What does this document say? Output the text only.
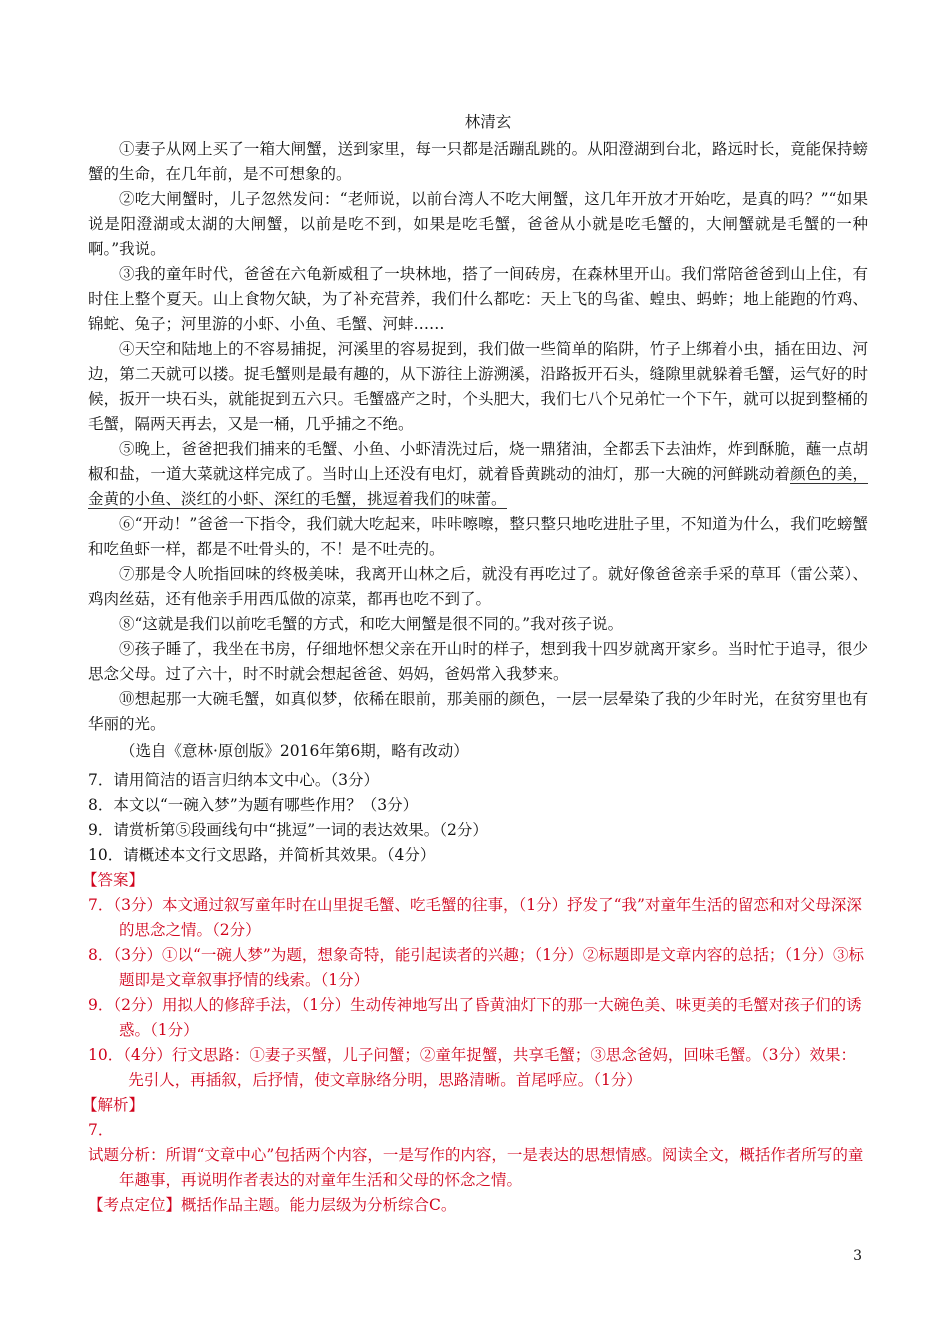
林清玄

①妻子从网上买了一箱大闸蟹，送到家里，每一只都是活蹦乱跳的。从阳澄湖到台北，路远时长，竟能保持螃蟹的生命，在几年前，是不可想象的。

②吃大闸蟹时，儿子忽然发问：“老师说，以前台湾人不吃大闸蟹，这几年开放才开始吃，是真的吗？”“如果说是阳澄湖或太湖的大闸蟹，以前是吃不到，如果是吃毛蟹，爸爸从小就是吃毛蟹的，大闸蟹就是毛蟹的一种啊。”我说。

③我的童年时代，爸爸在六龟新威租了一块林地，搭了一间砖房，在森林里开山。我们常陪爸爸到山上住，有时住上整个夏天。山上食物欠缺，为了补充营养，我们什么都吃：天上飞的鸟雀、蝗虫、蚂蚱；地上能跑的竹鸡、锦蛇、兔子；河里游的小虾、小鱼、毛蟹、河蚌……

④天空和陆地上的不容易捕捉，河溪里的容易捉到，我们做一些简单的陷阱，竹子上绑着小虫，插在田边、河边，第二天就可以搂。捉毛蟹则是最有趣的，从下游往上游溯溪，沿路扳开石头，缝隙里就躲着毛蟹，运气好的时候，扳开一块石头，就能捉到五六只。毛蟹盛产之时，个头肥大，我们七八个兄弟忙一个下午，就可以捉到整桶的毛蟹，隔两天再去，又是一桶，几乎捕之不绝。

⑤晚上，爸爸把我们捕来的毛蟹、小鱼、小虾清洗过后，烧一鼎猪油，全都丢下去油炸，炸到酥脆，蘸一点胡椒和盐，一道大菜就这样完成了。当时山上还没有电灯，就着昏黄跳动的油灯，那一大碗的河鲜跳动着颜色的美，金黄的小鱼、淡红的小虾、深红的毛蟹，挑逗着我们的味蕾。

⑥“开动！”爸爸一下指令，我们就大吃起来，咔咔嚓嚓，整只整只地吃进肚子里，不知道为什么，我们吃螃蟹和吃鱼虾一样，都是不吐骨头的，不！是不吐壳的。

⑦那是令人吮指回味的终极美味，我离开山林之后，就没有再吃过了。就好像爸爸亲手采的草耳（雷公菜）、鸡肉丝菇，还有他亲手用西瓜做的凉菜，都再也吃不到了。

⑧“这就是我们以前吃毛蟹的方式，和吃大闸蟹是很不同的。”我对孩子说。

⑨孩子睡了，我坐在书房，仔细地怀想父亲在开山时的样子，想到我十四岁就离开家乡。当时忙于追寻，很少思念父母。过了六十，时不时就会想起爸爸、妈妈，爸妈常入我梦来。

⑩想起那一大碗毛蟹，如真似梦，依稀在眼前，那美丽的颜色，一层一层晕染了我的少年时光，在贫穷里也有华丽的光。

（选自《意林·原创版》2016年第6期，略有改动）

7．请用简洁的语言归纳本文中心。（3分）

8．本文以“一碗入梦”为题有哪些作用？（3分）

9．请赏析第⑤段画线句中“挑逗”一词的表达效果。（2分）

10．请概述本文行文思路，并简析其效果。（4分）

【答案】

7．（3分）本文通过叙写童年时在山里捉毛蟹、吃毛蟹的往事，（1分）抒发了“我”对童年生活的留恋和对父母深深的思念之情。（2分）

8．（3分）①以“一碗人梦”为题，想象奇特，能引起读者的兴趣；（1分）②标题即是文章内容的总括；（1分）③标题即是文章叙事抒情的线索。（1分）

9．（2分）用拟人的修辞手法，（1分）生动传神地写出了昏黄油灯下的那一大碗色美、味更美的毛蟹对孩子们的诱惑。（1分）

10．（4分）行文思路：①妻子买蟹，儿子问蟹；②童年捉蟹，共享毛蟹；③思念爸妈，回味毛蟹。（3分）效果：先引人，再插叙，后抒情，使文章脉络分明，思路清晰。首尾呼应。（1分）

【解析】

7．

试题分析：所谓“文章中心”包括两个内容，一是写作的内容，一是表达的思想情感。阅读全文，概括作者所写的童年趣事，再说明作者表达的对童年生活和父母的怀念之情。

【考点定位】概括作品主题。能力层级为分析综合C。

3
